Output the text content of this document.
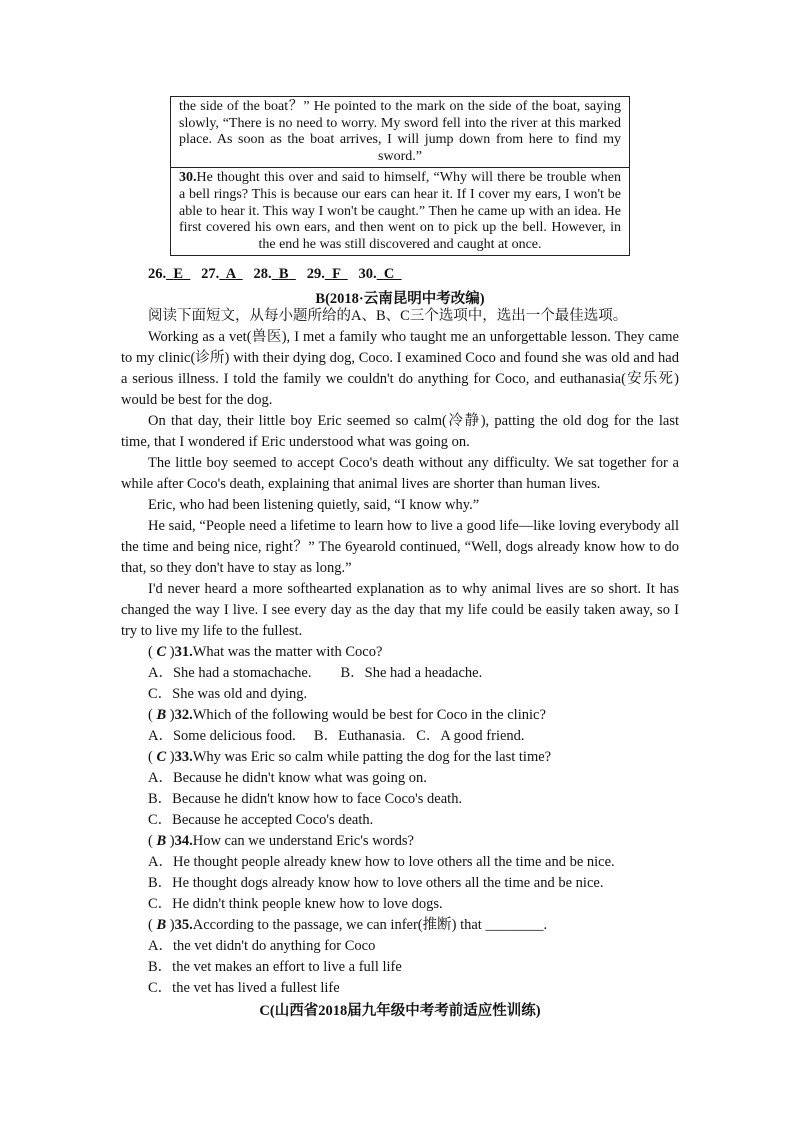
the side of the boat？” He pointed to the mark on the side of the boat, saying slowly, “There is no need to worry. My sword fell into the river at this marked place. As soon as the boat arrives, I will jump down from here to find my sword.”
30.He thought this over and said to himself, “Why will there be trouble when a bell rings? This is because our ears can hear it. If I cover my ears, I won't be able to hear it. This way I won't be caught.” Then he came up with an idea. He first covered his own ears, and then went on to pick up the bell. However, in the end he was still discovered and caught at once.
26. E 27. A 28. B 29. F 30. C
B(2018·云南昆明中考改编)
阅读下面短文，从每小题所给的A、B、C三个选项中，选出一个最佳选项。
Working as a vet(兽医), I met a family who taught me an unforgettable lesson. They came to my clinic(诊所) with their dying dog, Coco. I examined Coco and found she was old and had a serious illness. I told the family we couldn't do anything for Coco, and euthanasia(安乐死) would be best for the dog.
On that day, their little boy Eric seemed so calm(冷静), patting the old dog for the last time, that I wondered if Eric understood what was going on.
The little boy seemed to accept Coco's death without any difficulty. We sat together for a while after Coco's death, explaining that animal lives are shorter than human lives.
Eric, who had been listening quietly, said, “I know why.”
He said, “People need a lifetime to learn how to live a good life—like loving everybody all the time and being nice, right？” The 6yearold continued, “Well, dogs already know how to do that, so they don't have to stay as long.”
I'd never heard a more softhearted explanation as to why animal lives are so short. It has changed the way I live. I see every day as the day that my life could be easily taken away, so I try to live my life to the fullest.
( C )31.What was the matter with Coco?
A．She had a stomachache.        B．She had a headache.
C．She was old and dying.
( B )32.Which of the following would be best for Coco in the clinic?
A．Some delicious food.     B．Euthanasia.   C．A good friend.
( C )33.Why was Eric so calm while patting the dog for the last time?
A．Because he didn't know what was going on.
B．Because he didn't know how to face Coco's death.
C．Because he accepted Coco's death.
( B )34.How can we understand Eric's words?
A．He thought people already knew how to love others all the time and be nice.
B．He thought dogs already know how to love others all the time and be nice.
C．He didn't think people knew how to love dogs.
( B )35.According to the passage, we can infer(推断) that ________.
A．the vet didn't do anything for Coco
B．the vet makes an effort to live a full life
C．the vet has lived a fullest life
C(山西省2018届九年级中考考前适应性训练)
